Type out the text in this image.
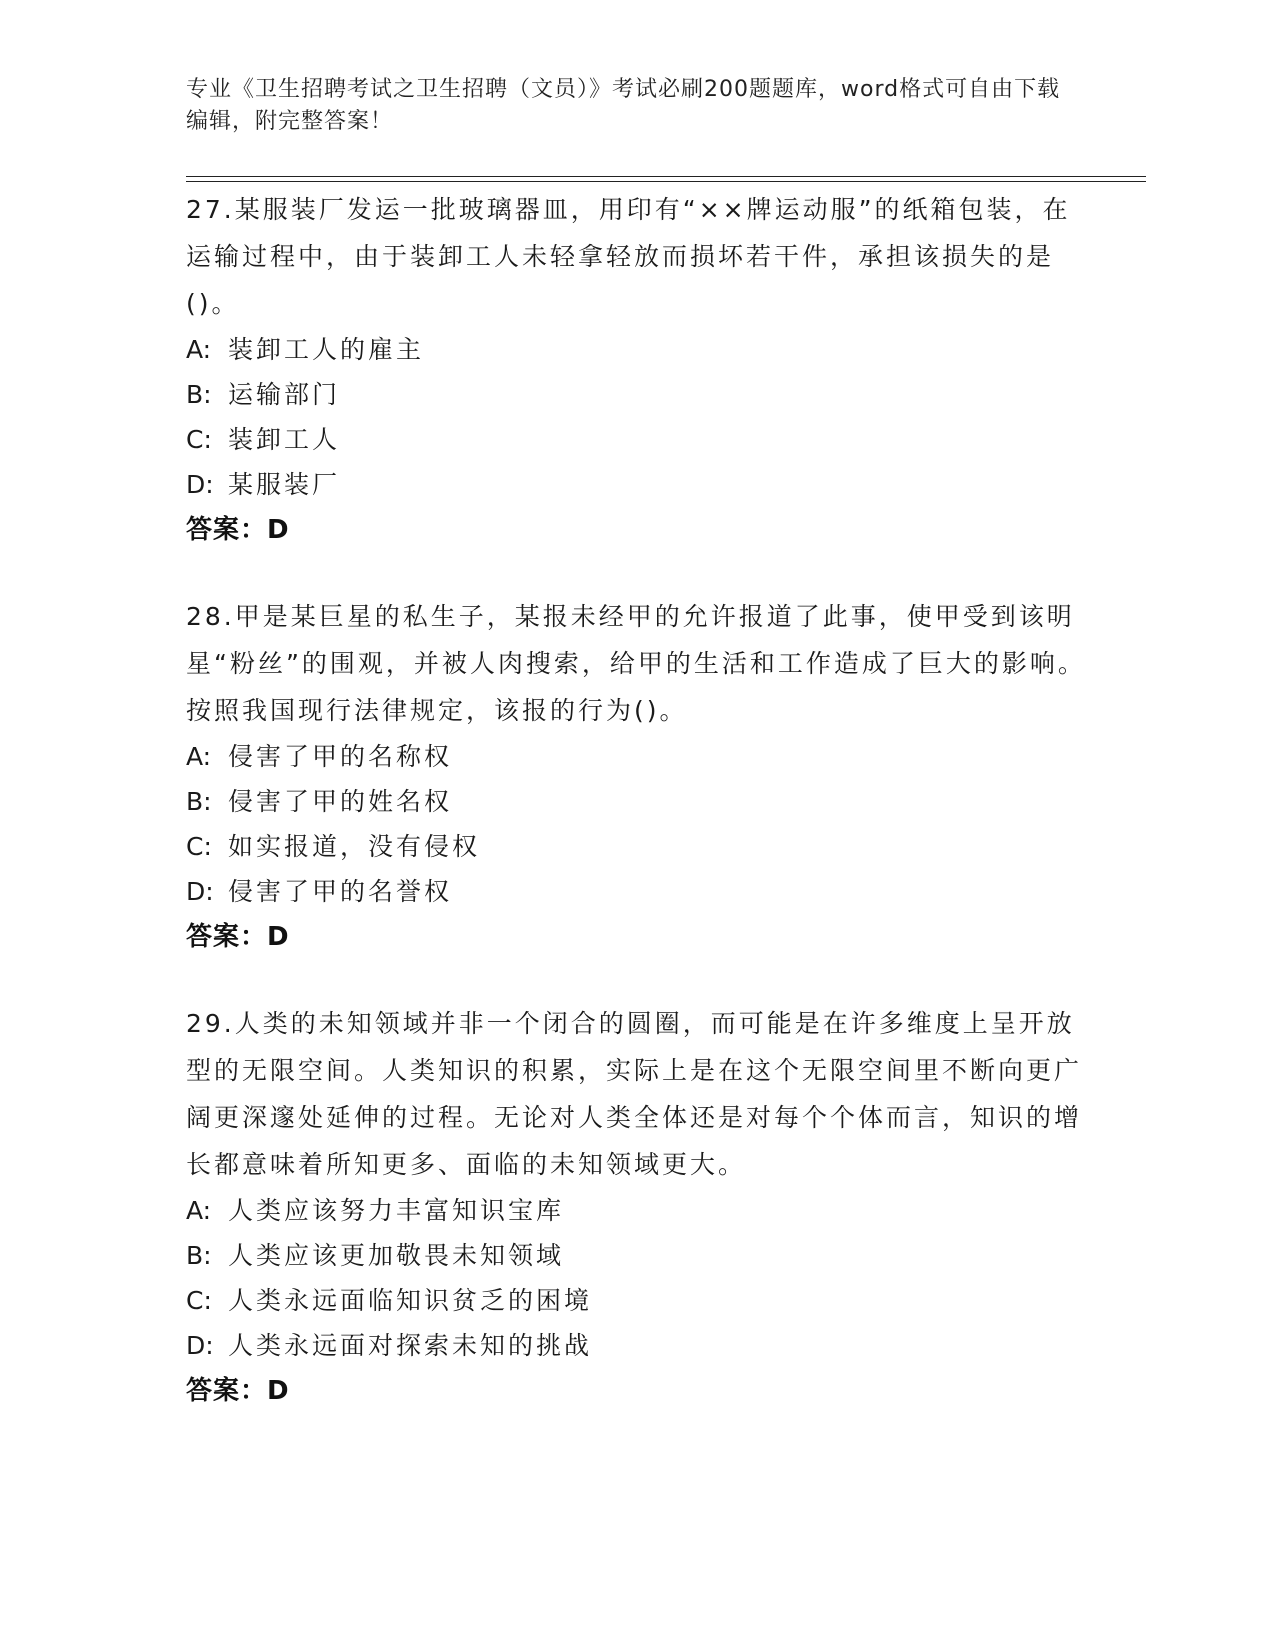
专业《卫生招聘考试之卫生招聘（文员）》考试必刷200题题库，word格式可自由下载编辑，附完整答案！
27.某服装厂发运一批玻璃器皿，用印有“××牌运动服”的纸箱包装，在运输过程中，由于装卸工人未轻拿轻放而损坏若干件，承担该损失的是()。
A: 装卸工人的雇主
B: 运输部门
C: 装卸工人
D: 某服装厂
答案：D
28.甲是某巨星的私生子，某报未经甲的允许报道了此事，使甲受到该明星“粉丝”的围观，并被人肉搜索，给甲的生活和工作造成了巨大的影响。按照我国现行法律规定，该报的行为()。
A: 侵害了甲的名称权
B: 侵害了甲的姓名权
C: 如实报道，没有侵权
D: 侵害了甲的名誉权
答案：D
29.人类的未知领域并非一个闭合的圆圈，而可能是在许多维度上呈开放型的无限空间。人类知识的积累，实际上是在这个无限空间里不断向更广阔更深邃处延伸的过程。无论对人类全体还是对每个个体而言，知识的增长都意味着所知更多、面临的未知领域更大。
A: 人类应该努力丰富知识宝库
B: 人类应该更加敬畏未知领域
C: 人类永远面临知识贫乏的困境
D: 人类永远面对探索未知的挑战
答案：D
